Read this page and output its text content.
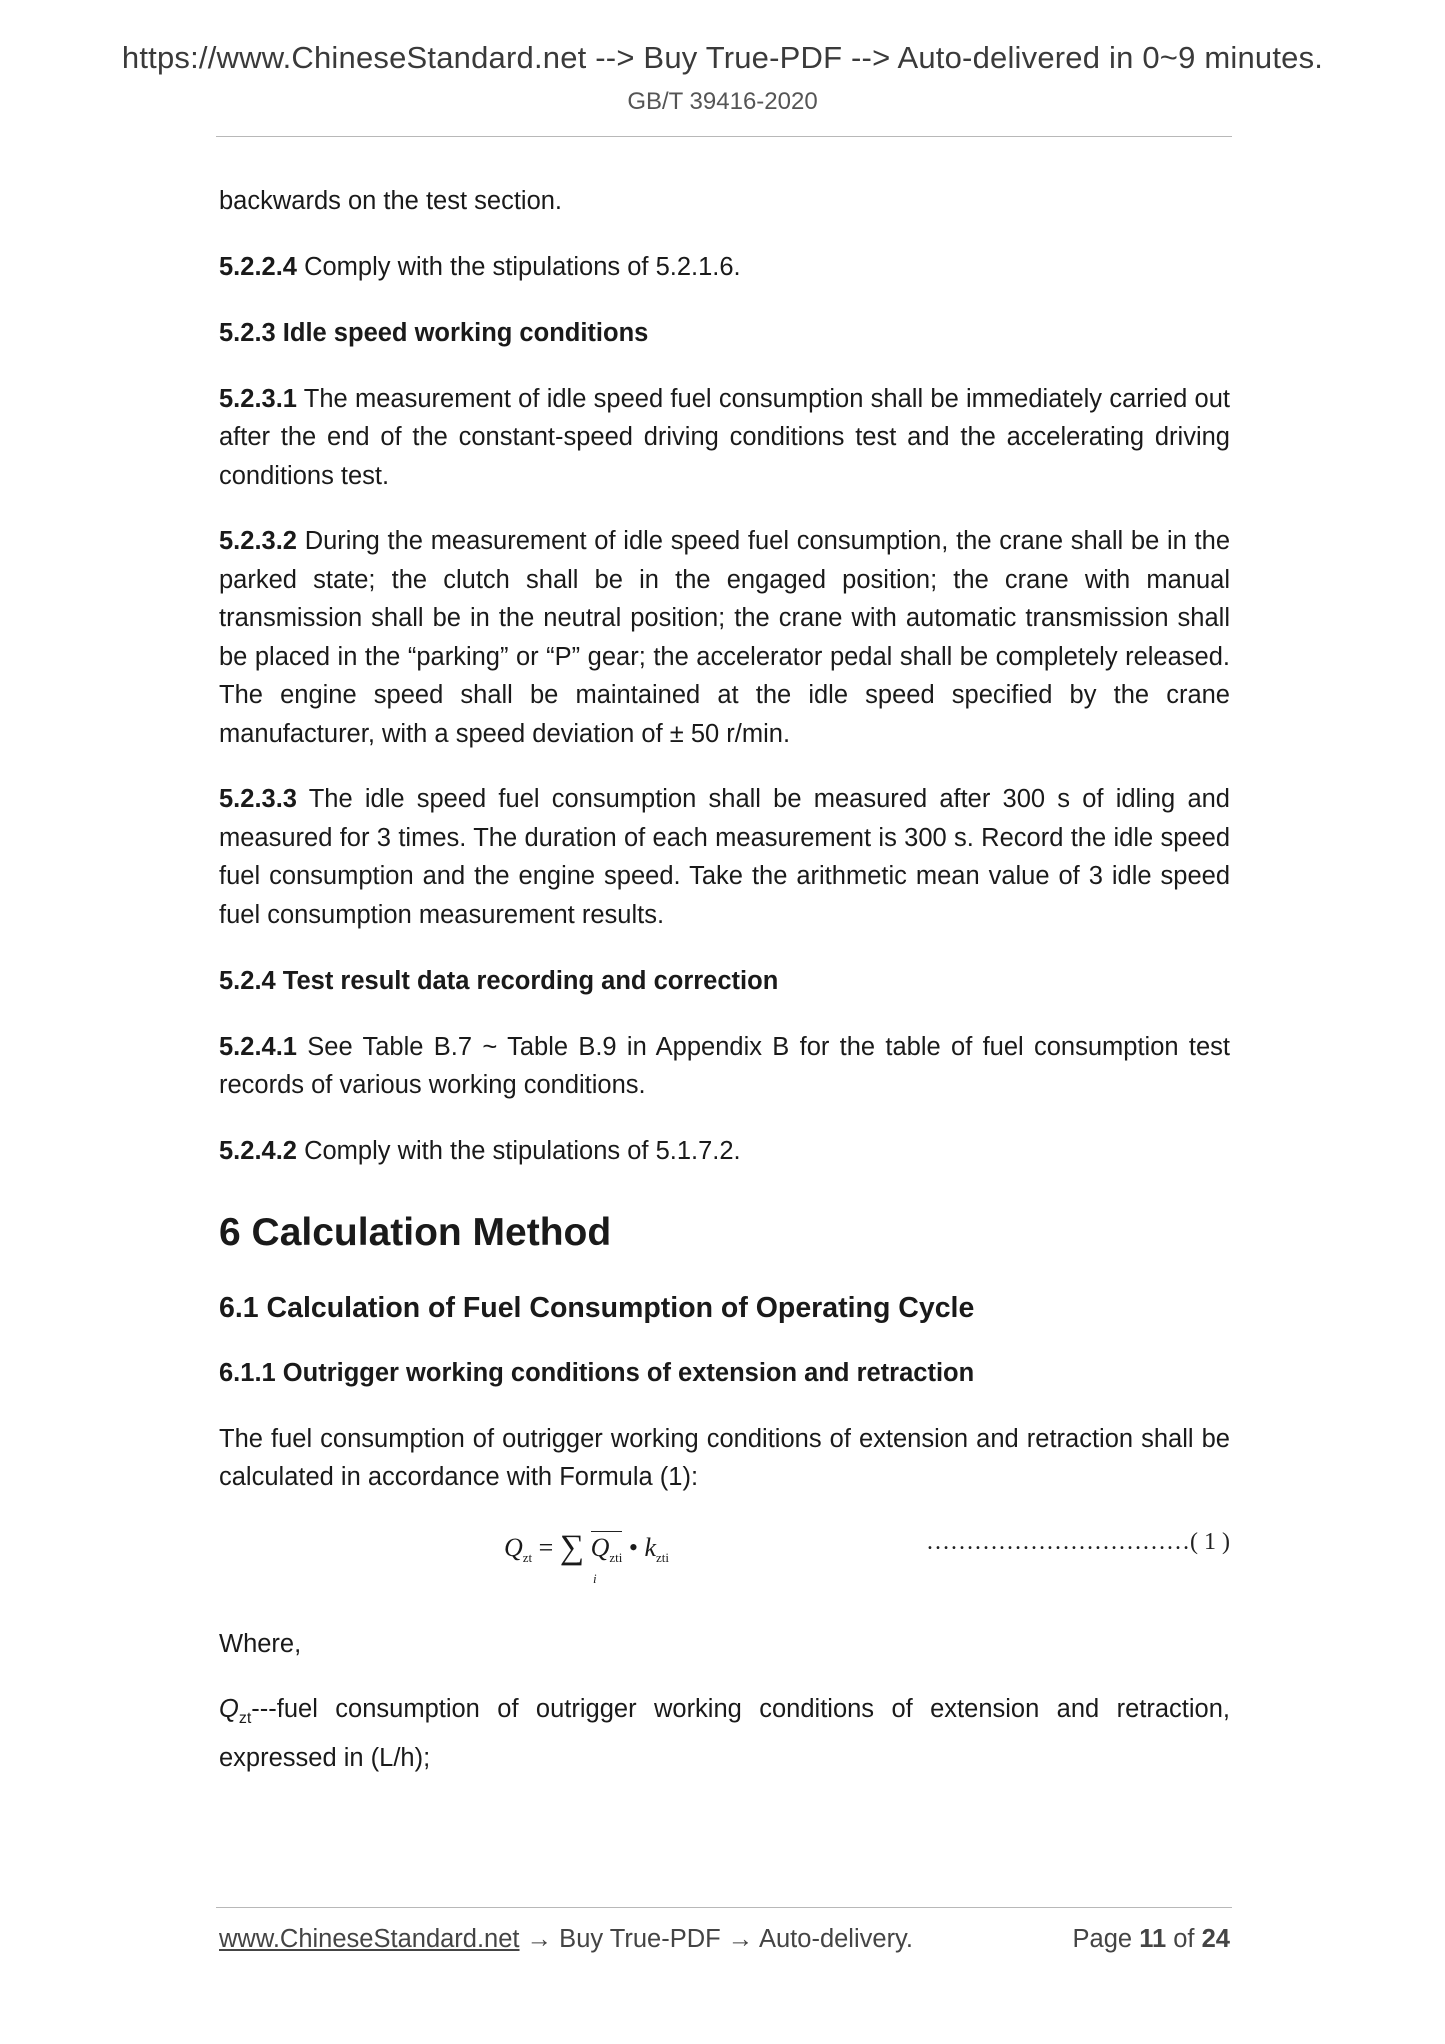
https://www.ChineseStandard.net --> Buy True-PDF --> Auto-delivered in 0~9 minutes.
GB/T 39416-2020

backwards on the test section.

5.2.2.4 Comply with the stipulations of 5.2.1.6.

5.2.3 Idle speed working conditions

5.2.3.1 The measurement of idle speed fuel consumption shall be immediately carried out after the end of the constant-speed driving conditions test and the accelerating driving conditions test.

5.2.3.2 During the measurement of idle speed fuel consumption, the crane shall be in the parked state; the clutch shall be in the engaged position; the crane with manual transmission shall be in the neutral position; the crane with automatic transmission shall be placed in the “parking” or “P” gear; the accelerator pedal shall be completely released. The engine speed shall be maintained at the idle speed specified by the crane manufacturer, with a speed deviation of ± 50 r/min.

5.2.3.3 The idle speed fuel consumption shall be measured after 300 s of idling and measured for 3 times. The duration of each measurement is 300 s. Record the idle speed fuel consumption and the engine speed. Take the arithmetic mean value of 3 idle speed fuel consumption measurement results.

5.2.4 Test result data recording and correction

5.2.4.1 See Table B.7 ~ Table B.9 in Appendix B for the table of fuel consumption test records of various working conditions.

5.2.4.2 Comply with the stipulations of 5.1.7.2.

6 Calculation Method
6.1 Calculation of Fuel Consumption of Operating Cycle
6.1.1 Outrigger working conditions of extension and retraction

The fuel consumption of outrigger working conditions of extension and retraction shall be calculated in accordance with Formula (1):

$Q_{zt}$ = ∑
i
$Q_{zti}$ • $k_{zti}$
……………………………( 1 )

Where,

$Q_{zt}--$-fuel consumption of outrigger working conditions of extension and retraction, expressed in (L/h);

www.ChineseStandard.net → Buy True-PDF → Auto-delivery.	Page 11 of 24
